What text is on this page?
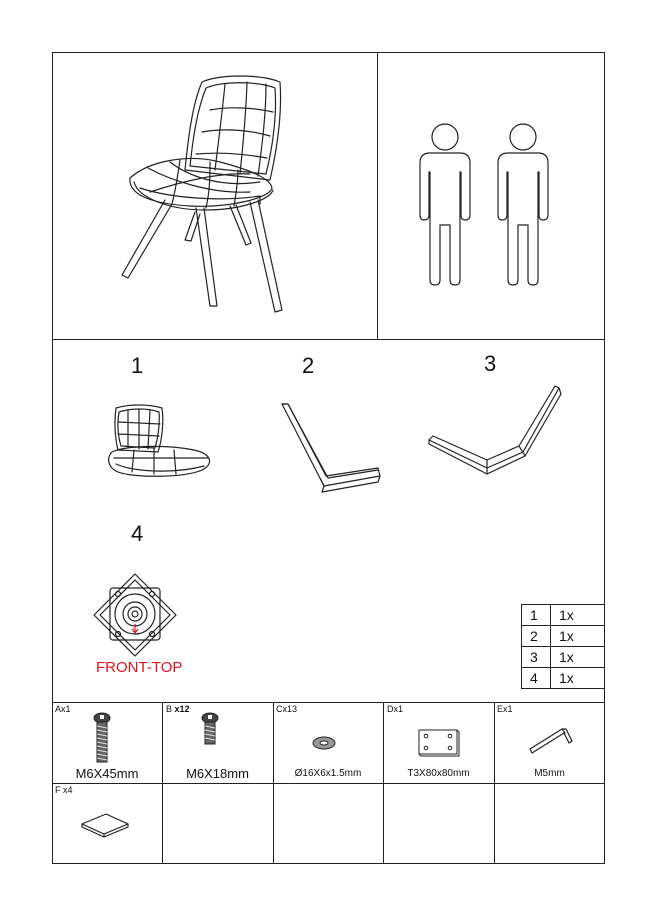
1	2	3
4
FRONT-TOP
1	1x
2	1x
3	1x
4	1x
Ax1
M6X45mm
B x12
M6X18mm
Cx13
Ø16X6x1.5mm
Dx1
T3X80x80mm
Ex1
M5mm
F x4
